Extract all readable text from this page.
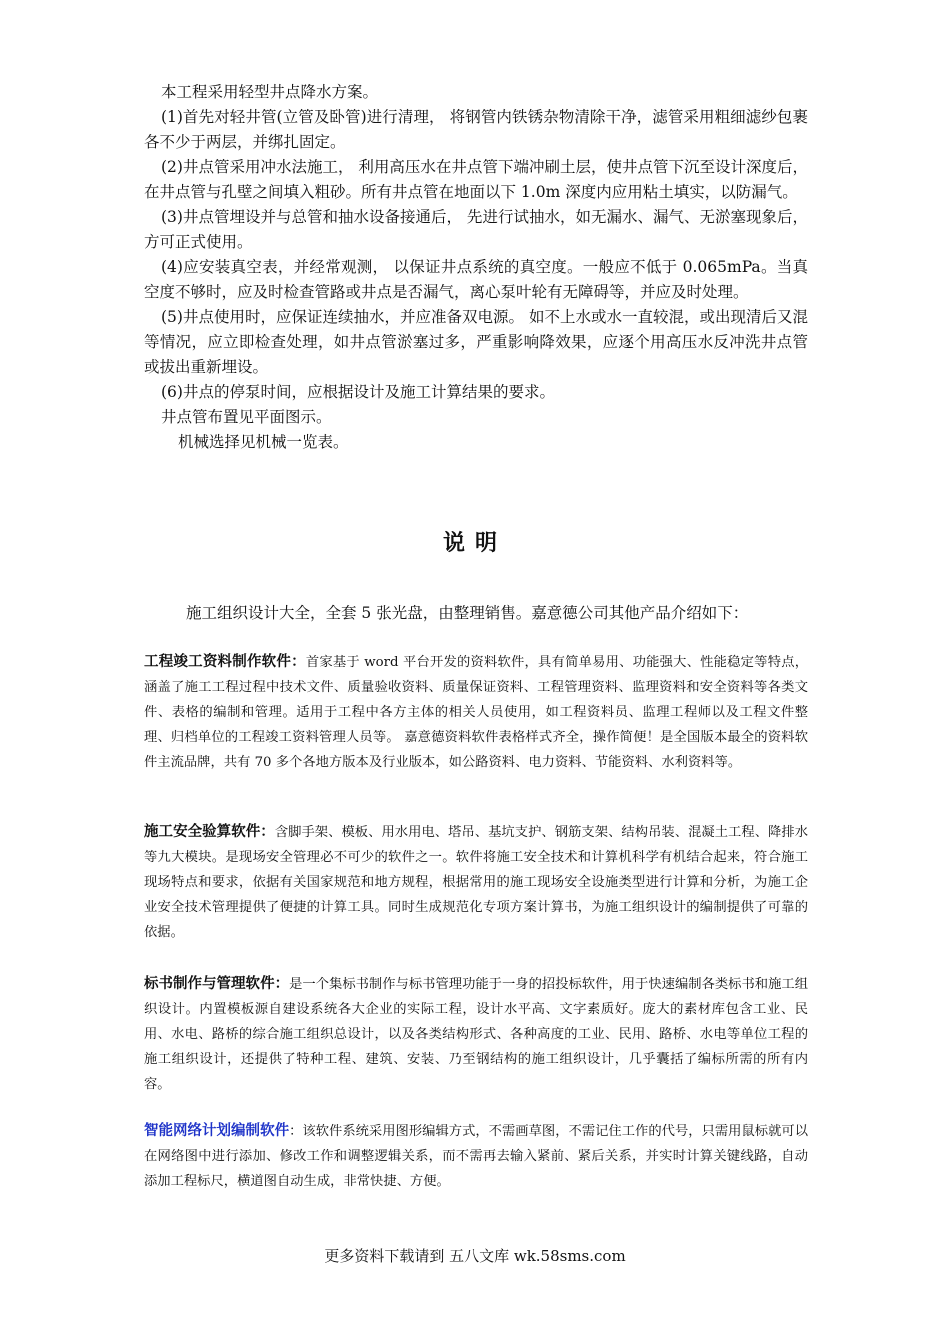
本工程采用轻型井点降水方案。

(1)首先对轻井管(立管及卧管)进行清理， 将钢管内铁锈杂物清除干净，滤管采用粗细滤纱包裹各不少于两层，并绑扎固定。

(2)井点管采用冲水法施工， 利用高压水在井点管下端冲刷土层，使井点管下沉至设计深度后，在井点管与孔壁之间填入粗砂。所有井点管在地面以下 1.0m 深度内应用粘土填实，以防漏气。

(3)井点管埋设并与总管和抽水设备接通后， 先进行试抽水，如无漏水、漏气、无淤塞现象后，方可正式使用。

(4)应安装真空表，并经常观测， 以保证井点系统的真空度。一般应不低于 0.065mPa。当真空度不够时，应及时检查管路或井点是否漏气，离心泵叶轮有无障碍等，并应及时处理。

(5)井点使用时，应保证连续抽水，并应准备双电源。 如不上水或水一直较混，或出现清后又混等情况，应立即检查处理，如井点管淤塞过多，严重影响降效果，应逐个用高压水反冲洗井点管或拔出重新埋设。

(6)井点的停泵时间，应根据设计及施工计算结果的要求。

井点管布置见平面图示。

机械选择见机械一览表。

说明
施工组织设计大全，全套 5 张光盘，由整理销售。嘉意德公司其他产品介绍如下：
工程竣工资料制作软件：首家基于 word 平台开发的资料软件，具有简单易用、功能强大、性能稳定等特点，涵盖了施工工程过程中技术文件、质量验收资料、质量保证资料、工程管理资料、监理资料和安全资料等各类文件、表格的编制和管理。适用于工程中各方主体的相关人员使用，如工程资料员、监理工程师以及工程文件整理、归档单位的工程竣工资料管理人员等。 嘉意德资料软件表格样式齐全，操作简便！是全国版本最全的资料软件主流品牌，共有 70 多个各地方版本及行业版本，如公路资料、电力资料、节能资料、水利资料等。
施工安全验算软件：含脚手架、模板、用水用电、塔吊、基坑支护、钢筋支架、结构吊装、混凝土工程、降排水等九大模块。是现场安全管理必不可少的软件之一。软件将施工安全技术和计算机科学有机结合起来，符合施工现场特点和要求，依据有关国家规范和地方规程，根据常用的施工现场安全设施类型进行计算和分析，为施工企业安全技术管理提供了便捷的计算工具。同时生成规范化专项方案计算书，为施工组织设计的编制提供了可靠的依据。
标书制作与管理软件：是一个集标书制作与标书管理功能于一身的招投标软件，用于快速编制各类标书和施工组织设计。内置模板源自建设系统各大企业的实际工程，设计水平高、文字素质好。庞大的素材库包含工业、民用、水电、路桥的综合施工组织总设计，以及各类结构形式、各种高度的工业、民用、路桥、水电等单位工程的施工组织设计，还提供了特种工程、建筑、安装、乃至钢结构的施工组织设计，几乎囊括了编标所需的所有内容。
智能网络计划编制软件：该软件系统采用图形编辑方式，不需画草图，不需记住工作的代号，只需用鼠标就可以在网络图中进行添加、修改工作和调整逻辑关系，而不需再去输入紧前、紧后关系，并实时计算关键线路，自动添加工程标尺，横道图自动生成，非常快捷、方便。
更多资料下载请到 五八文库 wk.58sms.com
